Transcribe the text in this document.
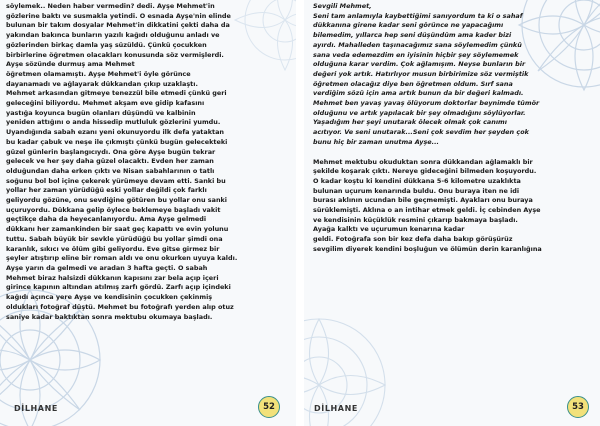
söylemek.. Neden haber vermedin? dedi. Ayşe Mehmet'in

gözlerine baktı ve susmakla yetindi. O esnada Ayşe'nin elinde

bulunan bir takım dosyalar Mehmet'in dikkatini çekti daha da

yakından bakınca bunların yazılı kağıdı olduğunu anladı ve

gözlerinden birkaç damla yaş süzüldü. Çünkü çocukken

birbirlerine öğretmen olacakları konusunda söz vermişlerdi.

Ayşe sözünde durmuş ama Mehmet

öğretmen olamamıştı. Ayşe Mehmet'i öyle görünce

dayanamadı ve ağlayarak dükkandan çıkıp uzaklaştı.

Mehmet arkasından gitmeye tenezzül bile etmedi çünkü geri

geleceğini biliyordu. Mehmet akşam eve gidip kafasını

yastığa koyunca bugün olanları düşündü ve kalbinin

yeniden attığını o anda hissedip mutluluk gözlerini yumdu.

Uyandığında sabah ezanı yeni okunuyordu ilk defa yataktan

bu kadar çabuk ve neşe ile çıkmıştı çünkü bugün gelecekteki

güzel günlerin başlangıcıydı. Ona göre Ayşe bugün tekrar

gelecek ve her şey daha güzel olacaktı. Evden her zaman

olduğundan daha erken çıktı ve Nisan sabahlarının o tatlı

soğunu bol bol içine çekerek yürümeye devam etti. Sanki bu

yollar her zaman yürüdüğü eski yollar değildi çok farklı

geliyordu gözüne, onu sevdiğine götüren bu yollar onu sanki

uçuruyordu. Dükkana gelip öylece beklemeye başladı vakit

geçtikçe daha da heyecanlanıyordu. Ama Ayşe gelmedi

dükkanı her zamankinden bir saat geç kapattı ve evin yolunu

tuttu. Sabah büyük bir sevkle yürüdüğü bu yollar şimdi ona

karanlık, sıkıcı ve ölüm gibi geliyordu. Eve gitse girmez bir

şeyler atıştırıp eline bir roman aldı ve onu okurken uyuya kaldı.

Ayşe yarın da gelmedi ve aradan 3 hafta geçti. O sabah

Mehmet biraz halsizdi dükkanın kapısını zar bela açıp içeri

girince kapının altından atılmış zarfı gördü. Zarfı açıp içindeki

kağıdı açınca yere Ayşe ve kendisinin çocukken çekinmiş

oldukları fotoğraf düştü. Mehmet bu fotoğrafı yerden alıp otuz

saniye kadar baktıktan sonra mektubu okumaya başladı.

DİLHANE	52

Sevgili Mehmet,

Seni tam anlamıyla kaybettiğimi sanıyordum ta ki o sahaf

dükkanına girene kadar seni görünce ne yapacağımı

bilemedim, yıllarca hep seni düşündüm ama kader bizi

ayırdı. Mahalleden taşınacağımız sana söylemedim çünkü

sana veda edemezdim en iyisinin hiçbir şey söylememek

olduğuna karar verdim. Çok ağlamışım. Neyse bunların bir

değeri yok artık. Hatırlıyor musun birbirimize söz vermiştik

öğretmen olacağız diye ben öğretmen oldum. Sırf sana

verdiğim sözü için ama artık bunun da bir değeri kalmadı.

Mehmet ben yavaş yavaş ölüyorum doktorlar beynimde tümör

olduğunu ve artık yapılacak bir şey olmadığını söylüyorlar.

Yaşadığım her şeyi unutarak ölecek olmak çok canımı

acıtıyor. Ve seni unutarak...Seni çok sevdim her şeyden çok

bunu hiç bir zaman unutma Ayşe...

Mehmet mektubu okuduktan sonra dükkandan ağlamaklı bir

şekilde koşarak çıktı. Nereye gideceğini bilmeden koşuyordu.

O kadar koştu ki kendini dükkana 5-6 kilometre uzaklıkta

bulunan uçurum kenarında buldu. Onu buraya iten ne idi

burası aklının ucundan bile geçmemişti. Ayakları onu buraya

sürüklemişti. Aklına o an intihar etmek geldi. İç cebinden Ayşe

ve kendisinin küçüklük resmini çıkarıp bakmaya başladı.

Ayağa kalktı ve uçurumun kenarına kadar

geldi. Fotoğrafa son bir kez defa daha bakıp görüşürüz

sevgilim diyerek kendini boşluğun ve ölümün derin karanlığına

DİLHANE	53
